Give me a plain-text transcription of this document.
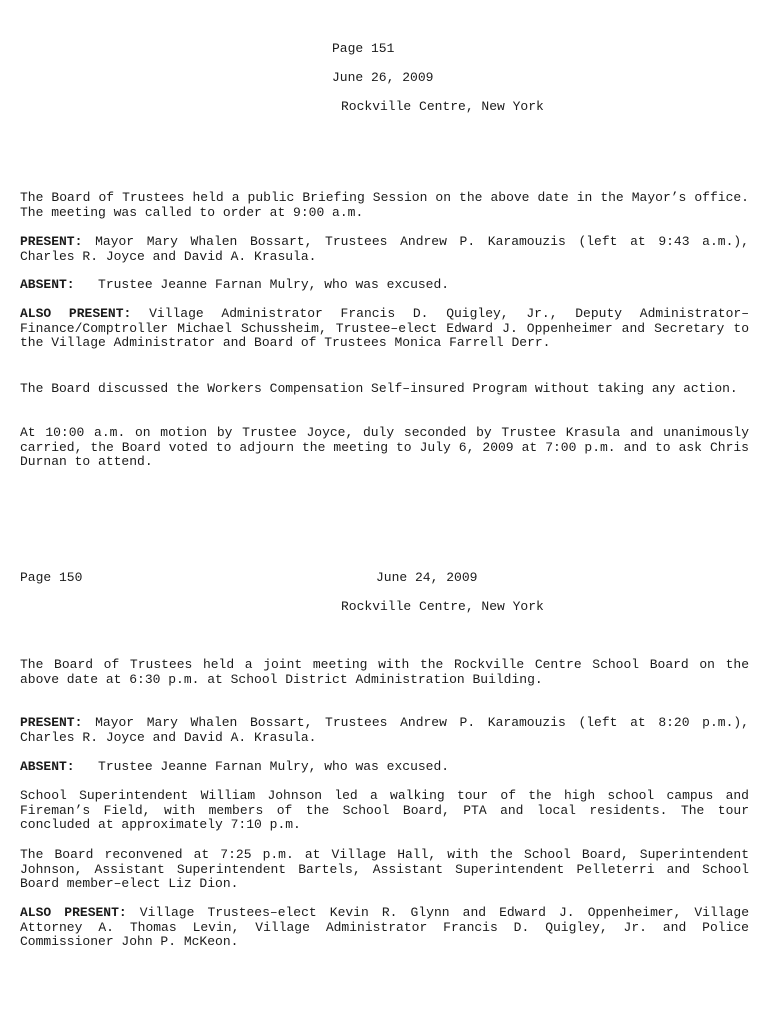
Page 151
June 26, 2009
Rockville Centre, New York
The Board of Trustees held a public Briefing Session on the above date in the Mayor’s office. The meeting was called to order at 9:00 a.m.
PRESENT: Mayor Mary Whalen Bossart, Trustees Andrew P. Karamouzis (left at 9:43 a.m.), Charles R. Joyce and David A. Krasula.
ABSENT: Trustee Jeanne Farnan Mulry, who was excused.
ALSO PRESENT: Village Administrator Francis D. Quigley, Jr., Deputy Administrator–Finance/Comptroller Michael Schussheim, Trustee–elect Edward J. Oppenheimer and Secretary to the Village Administrator and Board of Trustees Monica Farrell Derr.
The Board discussed the Workers Compensation Self–insured Program without taking any action.
At 10:00 a.m. on motion by Trustee Joyce, duly seconded by Trustee Krasula and unanimously carried, the Board voted to adjourn the meeting to July 6, 2009 at 7:00 p.m. and to ask Chris Durnan to attend.
Page 150	June 24, 2009
Rockville Centre, New York
The Board of Trustees held a joint meeting with the Rockville Centre School Board on the above date at 6:30 p.m. at School District Administration Building.
PRESENT: Mayor Mary Whalen Bossart, Trustees Andrew P. Karamouzis (left at 8:20 p.m.), Charles R. Joyce and David A. Krasula.
ABSENT: Trustee Jeanne Farnan Mulry, who was excused.
School Superintendent William Johnson led a walking tour of the high school campus and Fireman’s Field, with members of the School Board, PTA and local residents. The tour concluded at approximately 7:10 p.m.
The Board reconvened at 7:25 p.m. at Village Hall, with the School Board, Superintendent Johnson, Assistant Superintendent Bartels, Assistant Superintendent Pelleterri and School Board member–elect Liz Dion.
ALSO PRESENT: Village Trustees–elect Kevin R. Glynn and Edward J. Oppenheimer, Village Attorney A. Thomas Levin, Village Administrator Francis D. Quigley, Jr. and Police Commissioner John P. McKeon.
